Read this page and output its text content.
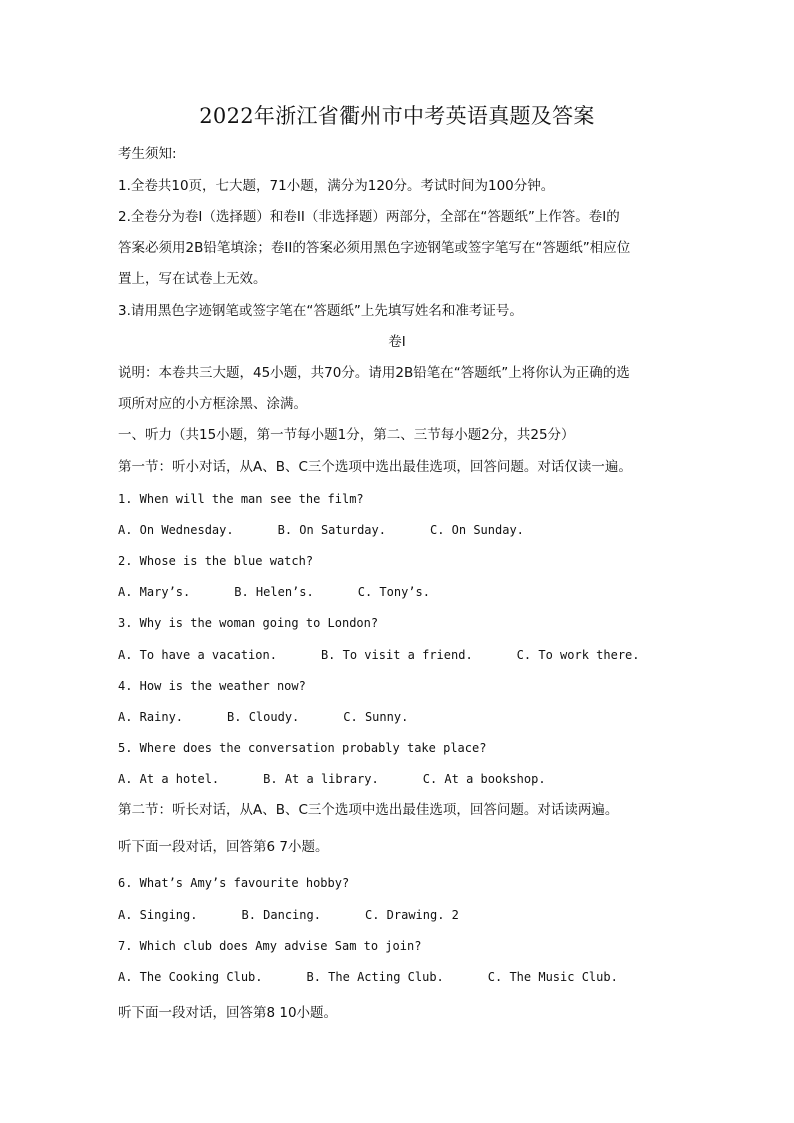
2022年浙江省衢州市中考英语真题及答案
考生须知:
1.全卷共10页，七大题，71小题，满分为120分。考试时间为100分钟。
2.全卷分为卷I（选择题）和卷II（非选择题）两部分，全部在“答题纸”上作答。卷I的
答案必须用2B铅笔填涂；卷II的答案必须用黑色字迹钢笔或签字笔写在“答题纸”相应位
置上，写在试卷上无效。
3.请用黑色字迹钢笔或签字笔在“答题纸”上先填写姓名和准考证号。
卷I
说明：本卷共三大题，45小题，共70分。请用2B铅笔在“答题纸”上将你认为正确的选
项所对应的小方框涂黑、涂满。
一、听力（共15小题，第一节每小题1分，第二、三节每小题2分，共25分）
第一节：听小对话，从A、B、C三个选项中选出最佳选项，回答问题。对话仅读一遍。
1. When will the man see the film?
A. On Wednesday.	B. On Saturday.	C. On Sunday.
2. Whose is the blue watch?
A. Mary’s.	B. Helen’s.	C. Tony’s.
3. Why is the woman going to London?
A. To have a vacation.	B. To visit a friend.	C. To work there.
4. How is the weather now?
A. Rainy.	B. Cloudy.	C. Sunny.
5. Where does the conversation probably take place?
A. At a hotel.	B. At a library.	C. At a bookshop.
第二节：听长对话，从A、B、C三个选项中选出最佳选项，回答问题。对话读两遍。
听下面一段对话，回答第6 7小题。
6. What’s Amy’s favourite hobby?
A. Singing.	B. Dancing.	C. Drawing. 2
7. Which club does Amy advise Sam to join?
A. The Cooking Club.	B. The Acting Club.	C. The Music Club.
听下面一段对话，回答第8 10小题。
